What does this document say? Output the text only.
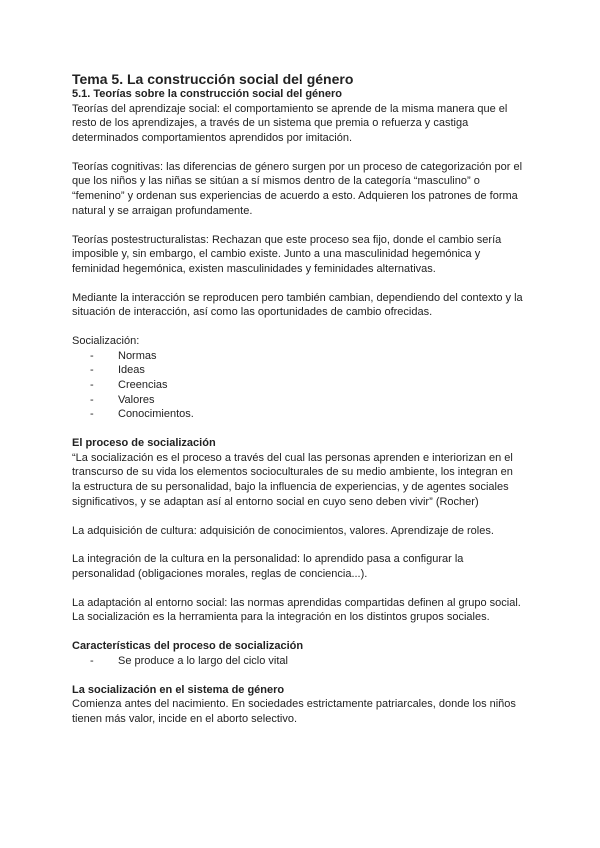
Tema 5. La construcción social del género
5.1. Teorías sobre la construcción social del género
Teorías del aprendizaje social: el comportamiento se aprende de la misma manera que el
resto de los aprendizajes, a través de un sistema que premia o refuerza y castiga
determinados comportamientos aprendidos por imitación.
Teorías cognitivas: las diferencias de género surgen por un proceso de categorización por el
que los niños y las niñas se sitúan a sí mismos dentro de la categoría “masculino” o
“femenino” y ordenan sus experiencias de acuerdo a esto. Adquieren los patrones de forma
natural y se arraigan profundamente.
Teorías postestructuralistas: Rechazan que este proceso sea fijo, donde el cambio sería
imposible y, sin embargo, el cambio existe. Junto a una masculinidad hegemónica y
feminidad hegemónica, existen masculinidades y feminidades alternativas.
Mediante la interacción se reproducen pero también cambian, dependiendo del contexto y la
situación de interacción, así como las oportunidades de cambio ofrecidas.
Socialización:
- Normas
- Ideas
- Creencias
- Valores
- Conocimientos.
El proceso de socialización
“La socialización es el proceso a través del cual las personas aprenden e interiorizan en el
transcurso de su vida los elementos socioculturales de su medio ambiente, los integran en
la estructura de su personalidad, bajo la influencia de experiencias, y de agentes sociales
significativos, y se adaptan así al entorno social en cuyo seno deben vivir” (Rocher)
La adquisición de cultura: adquisición de conocimientos, valores. Aprendizaje de roles.
La integración de la cultura en la personalidad: lo aprendido pasa a configurar la
personalidad (obligaciones morales, reglas de conciencia...).
La adaptación al entorno social: las normas aprendidas compartidas definen al grupo social.
La socialización es la herramienta para la integración en los distintos grupos sociales.
Características del proceso de socialización
- Se produce a lo largo del ciclo vital
La socialización en el sistema de género
Comienza antes del nacimiento. En sociedades estrictamente patriarcales, donde los niños
tienen más valor, incide en el aborto selectivo.
